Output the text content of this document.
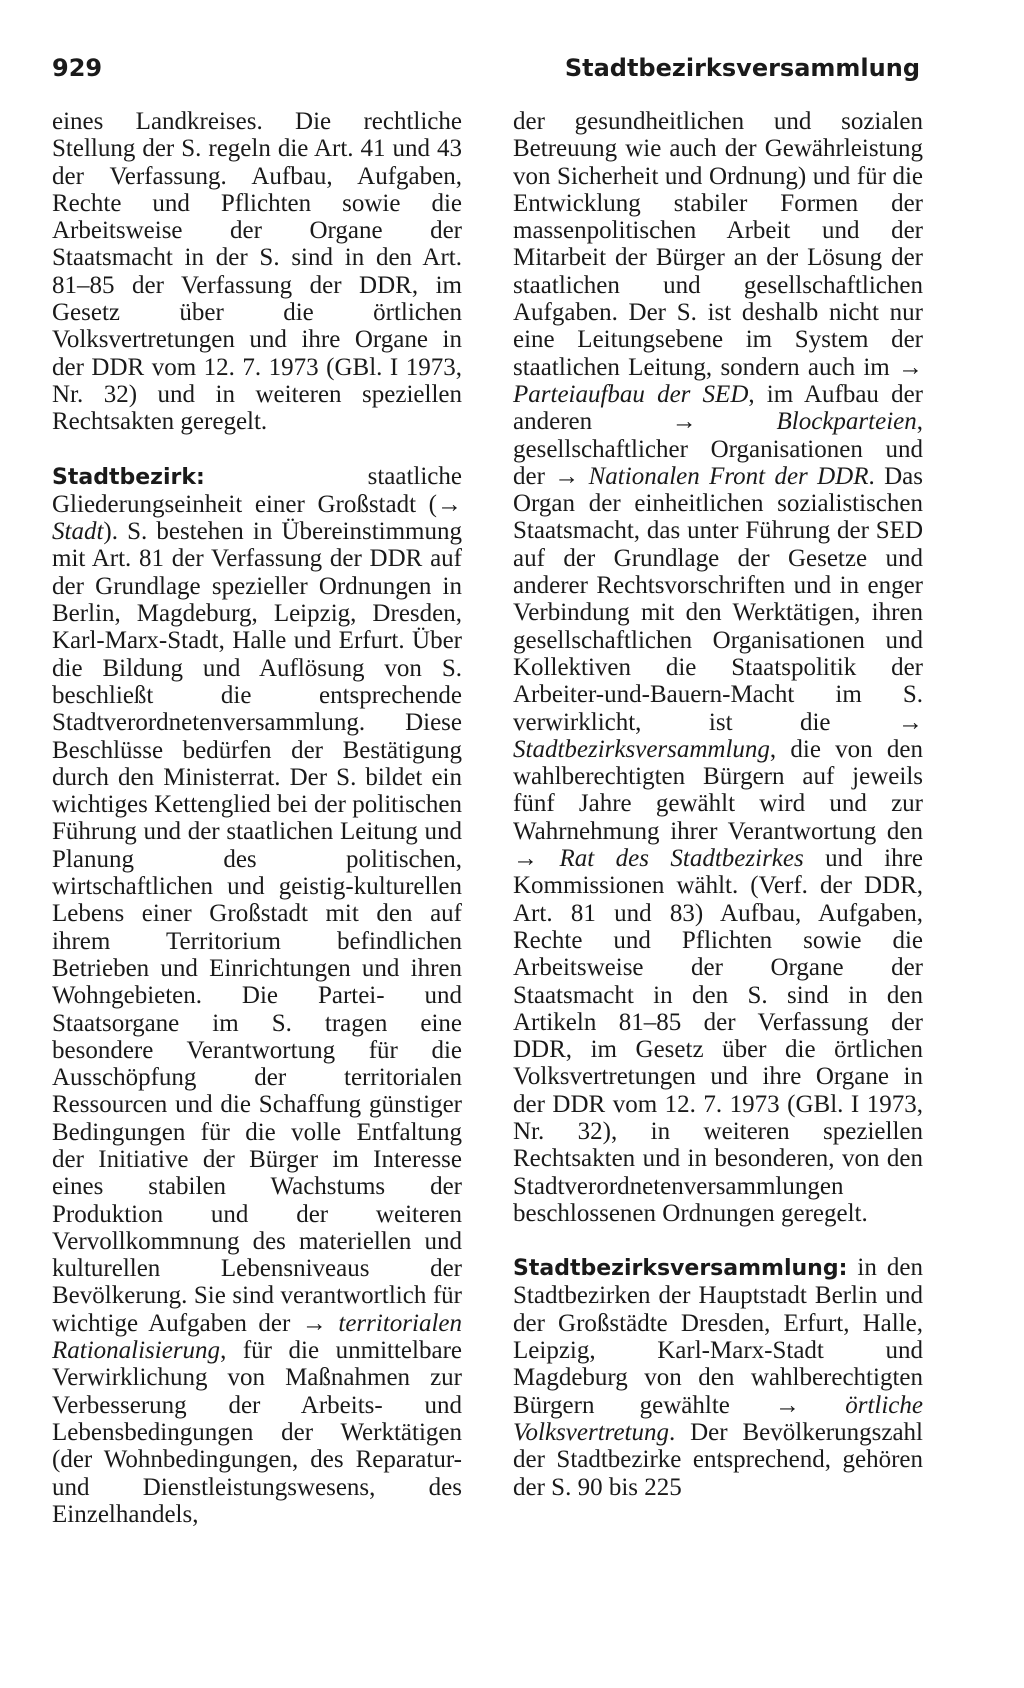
929	Stadtbezirksversammlung

eines Landkreises. Die rechtliche Stellung der S. regeln die Art. 41 und 43 der Verfassung. Aufbau, Aufgaben, Rechte und Pflichten sowie die Arbeitsweise der Organe der Staatsmacht in der S. sind in den Art. 81–85 der Verfassung der DDR, im Gesetz über die örtlichen Volksvertretungen und ihre Organe in der DDR vom 12. 7. 1973 (GBl. I 1973, Nr. 32) und in weiteren speziellen Rechtsakten geregelt.

Stadtbezirk: staatliche Gliederungseinheit einer Großstadt (→ Stadt). S. bestehen in Übereinstimmung mit Art. 81 der Verfassung der DDR auf der Grundlage spezieller Ordnungen in Berlin, Magdeburg, Leipzig, Dresden, Karl-Marx-Stadt, Halle und Erfurt. Über die Bildung und Auflösung von S. beschließt die entsprechende Stadtverordnetenversammlung. Diese Beschlüsse bedürfen der Bestätigung durch den Ministerrat. Der S. bildet ein wichtiges Kettenglied bei der politischen Führung und der staatlichen Leitung und Planung des politischen, wirtschaftlichen und geistig-kulturellen Lebens einer Großstadt mit den auf ihrem Territorium befindlichen Betrieben und Einrichtungen und ihren Wohngebieten. Die Partei- und Staatsorgane im S. tragen eine besondere Verantwortung für die Ausschöpfung der territorialen Ressourcen und die Schaffung günstiger Bedingungen für die volle Entfaltung der Initiative der Bürger im Interesse eines stabilen Wachstums der Produktion und der weiteren Vervollkommnung des materiellen und kulturellen Lebensniveaus der Bevölkerung. Sie sind verantwortlich für wichtige Aufgaben der → territorialen Rationalisierung, für die unmittelbare Verwirklichung von Maßnahmen zur Verbesserung der Arbeits- und Lebensbedingungen der Werktätigen (der Wohnbedingungen, des Reparatur- und Dienstleistungswesens, des Einzelhandels,

der gesundheitlichen und sozialen Betreuung wie auch der Gewährleistung von Sicherheit und Ordnung) und für die Entwicklung stabiler Formen der massenpolitischen Arbeit und der Mitarbeit der Bürger an der Lösung der staatlichen und gesellschaftlichen Aufgaben. Der S. ist deshalb nicht nur eine Leitungsebene im System der staatlichen Leitung, sondern auch im → Parteiaufbau der SED, im Aufbau der anderen → Blockparteien, gesellschaftlicher Organisationen und der → Nationalen Front der DDR. Das Organ der einheitlichen sozialistischen Staatsmacht, das unter Führung der SED auf der Grundlage der Gesetze und anderer Rechtsvorschriften und in enger Verbindung mit den Werktätigen, ihren gesellschaftlichen Organisationen und Kollektiven die Staatspolitik der Arbeiter-und-Bauern-Macht im S. verwirklicht, ist die → Stadtbezirksversammlung, die von den wahlberechtigten Bürgern auf jeweils fünf Jahre gewählt wird und zur Wahrnehmung ihrer Verantwortung den → Rat des Stadtbezirkes und ihre Kommissionen wählt. (Verf. der DDR, Art. 81 und 83) Aufbau, Aufgaben, Rechte und Pflichten sowie die Arbeitsweise der Organe der Staatsmacht in den S. sind in den Artikeln 81–85 der Verfassung der DDR, im Gesetz über die örtlichen Volksvertretungen und ihre Organe in der DDR vom 12. 7. 1973 (GBl. I 1973, Nr. 32), in weiteren speziellen Rechtsakten und in besonderen, von den Stadtverordnetenversammlungen beschlossenen Ordnungen geregelt.

Stadtbezirksversammlung: in den Stadtbezirken der Hauptstadt Berlin und der Großstädte Dresden, Erfurt, Halle, Leipzig, Karl-Marx-Stadt und Magdeburg von den wahlberechtigten Bürgern gewählte → örtliche Volksvertretung. Der Bevölkerungszahl der Stadtbezirke entsprechend, gehören der S. 90 bis 225
